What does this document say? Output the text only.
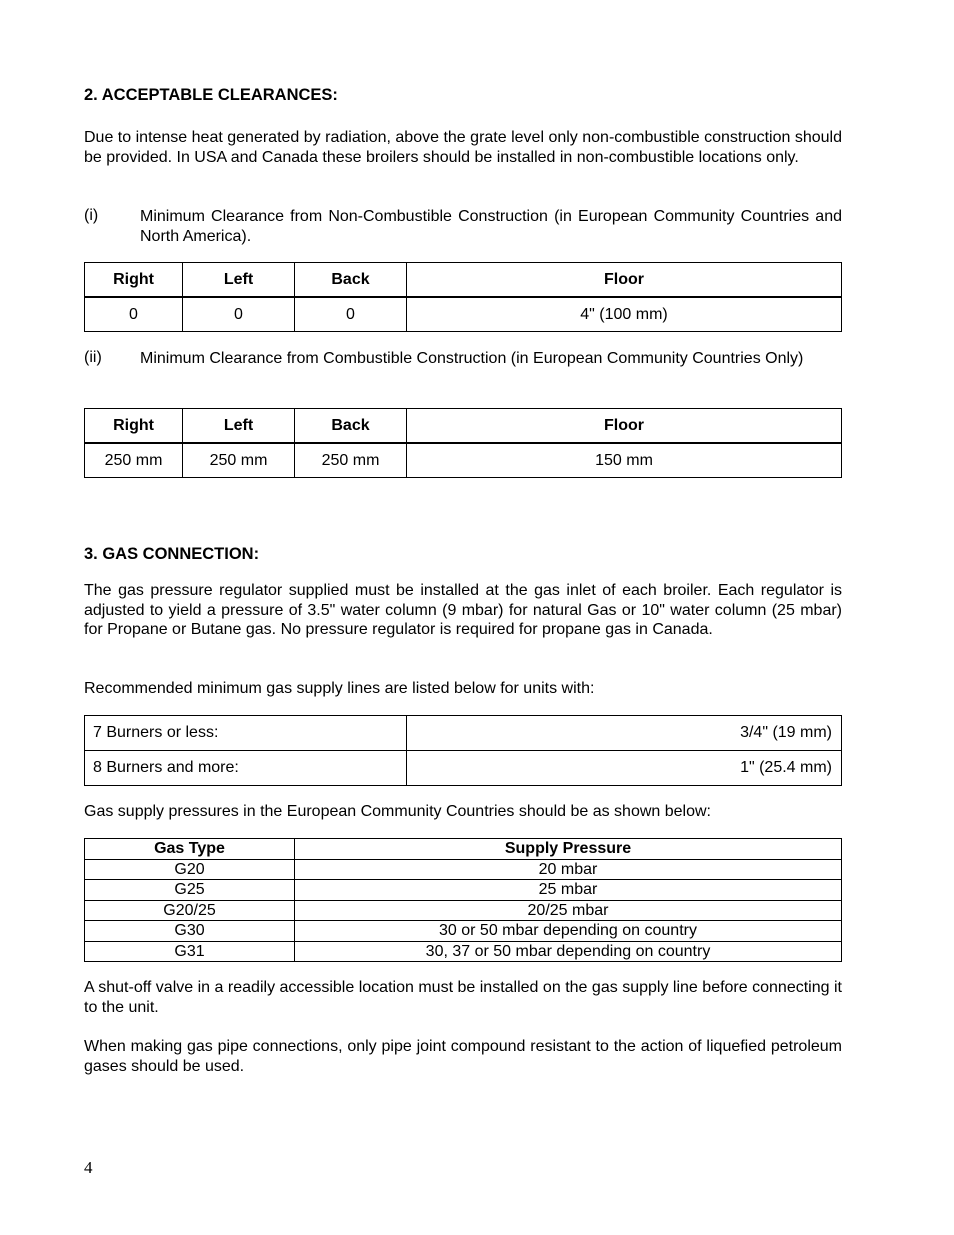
2. ACCEPTABLE CLEARANCES:

Due to intense heat generated by radiation, above the grate level only non-combustible construction should be provided. In USA and Canada these broilers should be installed in non-combustible locations only.

(i)	Minimum Clearance from Non-Combustible Construction (in European Community Countries and North America).

Right	Left	Back	Floor
0	0	0	4" (100 mm)
(ii) Minimum Clearance from Combustible Construction (in European Community Countries Only)

Right	Left	Back	Floor
250 mm	250 mm	250 mm	150 mm
3. GAS CONNECTION:

The gas pressure regulator supplied must be installed at the gas inlet of each broiler. Each regulator is adjusted to yield a pressure of 3.5" water column (9 mbar) for natural Gas or 10" water column (25 mbar) for Propane or Butane gas. No pressure regulator is required for propane gas in Canada.

Recommended minimum gas supply lines are listed below for units with:

7 Burners or less:	3/4" (19 mm)
8 Burners and more:	1" (25.4 mm)

Gas supply pressures in the European Community Countries should be as shown below:

Gas Type	Supply Pressure
G20	20 mbar
G25	25 mbar
G20/25	20/25 mbar
G30	30 or 50 mbar depending on country
G31	30, 37 or 50 mbar depending on country

A shut-off valve in a readily accessible location must be installed on the gas supply line before connecting it to the unit.

When making gas pipe connections, only pipe joint compound resistant to the action of liquefied petroleum gases should be used.

4
